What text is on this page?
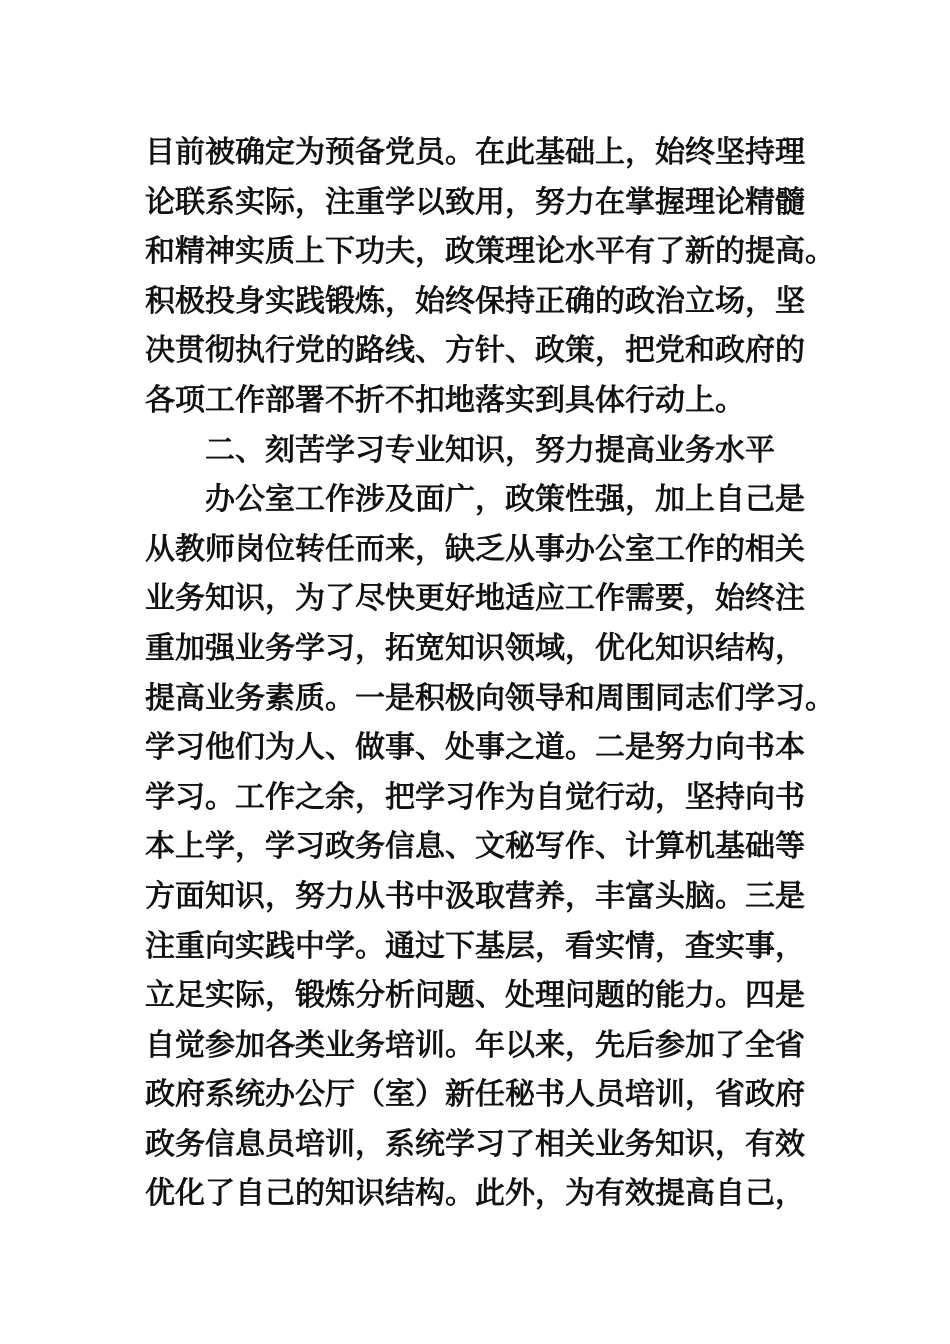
目前被确定为预备党员。在此基础上，始终坚持理
论联系实际，注重学以致用，努力在掌握理论精髓
和精神实质上下功夫，政策理论水平有了新的提高。
积极投身实践锻炼，始终保持正确的政治立场，坚
决贯彻执行党的路线、方针、政策，把党和政府的
各项工作部署不折不扣地落实到具体行动上。
二、刻苦学习专业知识，努力提高业务水平
办公室工作涉及面广，政策性强，加上自己是
从教师岗位转任而来，缺乏从事办公室工作的相关
业务知识，为了尽快更好地适应工作需要，始终注
重加强业务学习，拓宽知识领域，优化知识结构，
提高业务素质。一是积极向领导和周围同志们学习。
学习他们为人、做事、处事之道。二是努力向书本
学习。工作之余，把学习作为自觉行动，坚持向书
本上学，学习政务信息、文秘写作、计算机基础等
方面知识，努力从书中汲取营养，丰富头脑。三是
注重向实践中学。通过下基层，看实情，查实事，
立足实际，锻炼分析问题、处理问题的能力。四是
自觉参加各类业务培训。年以来，先后参加了全省
政府系统办公厅（室）新任秘书人员培训，省政府
政务信息员培训，系统学习了相关业务知识，有效
优化了自己的知识结构。此外，为有效提高自己，
